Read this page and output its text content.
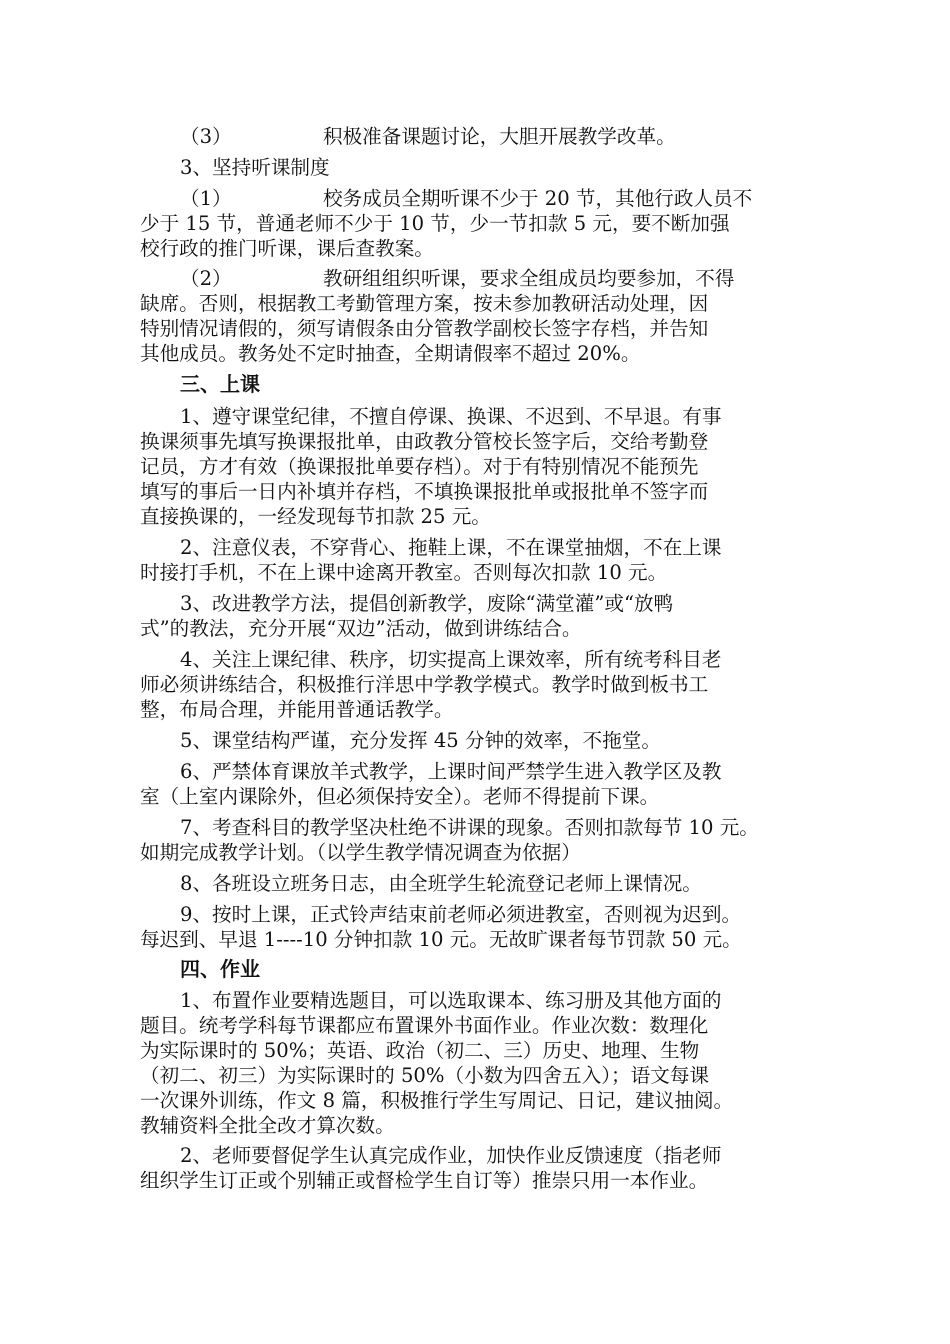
（3）	积极准备课题讨论，大胆开展教学改革。
3、坚持听课制度
（1）	校务成员全期听课不少于 20 节，其他行政人员不
少于 15 节，普通老师不少于 10 节，少一节扣款 5 元，要不断加强
校行政的推门听课，课后查教案。
（2）	教研组组织听课，要求全组成员均要参加，不得
缺席。否则，根据教工考勤管理方案，按未参加教研活动处理，因
特别情况请假的，须写请假条由分管教学副校长签字存档，并告知
其他成员。教务处不定时抽查，全期请假率不超过 20%。
三、上课
1、遵守课堂纪律，不擅自停课、换课、不迟到、不早退。有事
换课须事先填写换课报批单，由政教分管校长签字后，交给考勤登
记员，方才有效（换课报批单要存档）。对于有特别情况不能预先
填写的事后一日内补填并存档，不填换课报批单或报批单不签字而
直接换课的，一经发现每节扣款 25 元。
2、注意仪表，不穿背心、拖鞋上课，不在课堂抽烟，不在上课
时接打手机，不在上课中途离开教室。否则每次扣款 10 元。
3、改进教学方法，提倡创新教学，废除“满堂灌”或“放鸭
式”的教法，充分开展“双边”活动，做到讲练结合。
4、关注上课纪律、秩序，切实提高上课效率，所有统考科目老
师必须讲练结合，积极推行洋思中学教学模式。教学时做到板书工
整，布局合理，并能用普通话教学。
5、课堂结构严谨，充分发挥 45 分钟的效率，不拖堂。
6、严禁体育课放羊式教学，上课时间严禁学生进入教学区及教
室（上室内课除外，但必须保持安全）。老师不得提前下课。
7、考查科目的教学坚决杜绝不讲课的现象。否则扣款每节 10 元。
如期完成教学计划。（以学生教学情况调查为依据）
8、各班设立班务日志，由全班学生轮流登记老师上课情况。
9、按时上课，正式铃声结束前老师必须进教室，否则视为迟到。
每迟到、早退 1----10 分钟扣款 10 元。无故旷课者每节罚款 50 元。
四、作业
1、布置作业要精选题目，可以选取课本、练习册及其他方面的
题目。统考学科每节课都应布置课外书面作业。作业次数：数理化
为实际课时的 50%；英语、政治（初二、三）历史、地理、生物
（初二、初三）为实际课时的 50%（小数为四舍五入）；语文每课
一次课外训练，作文 8 篇，积极推行学生写周记、日记，建议抽阅。
教辅资料全批全改才算次数。
2、老师要督促学生认真完成作业，加快作业反馈速度（指老师
组织学生订正或个别辅正或督检学生自订等）推崇只用一本作业。
